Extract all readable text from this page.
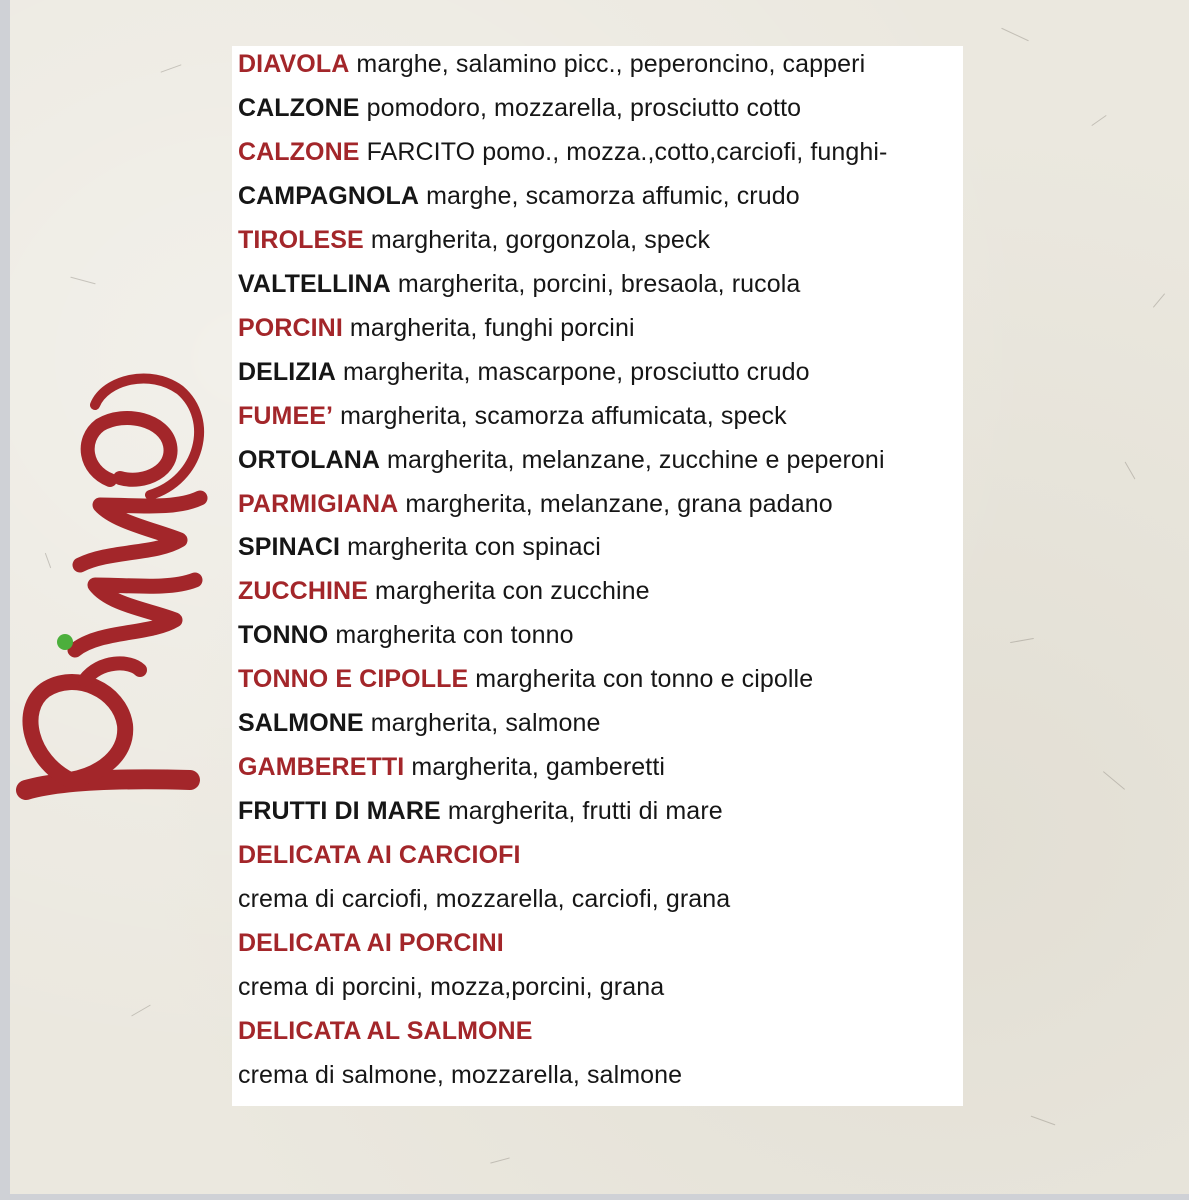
DIAVOLA marghe, salamino picc., peperoncino, capperi
CALZONE pomodoro, mozzarella, prosciutto cotto
CALZONE FARCITO pomo., mozza.,cotto,carciofi, funghi-
CAMPAGNOLA marghe, scamorza affumic, crudo
TIROLESE margherita, gorgonzola, speck
VALTELLINA margherita, porcini, bresaola, rucola
PORCINI margherita, funghi porcini
DELIZIA margherita, mascarpone, prosciutto crudo
FUMEE’ margherita, scamorza affumicata, speck
ORTOLANA margherita, melanzane, zucchine e peperoni
PARMIGIANA margherita, melanzane, grana padano
SPINACI margherita con spinaci
ZUCCHINE margherita con zucchine
TONNO margherita con tonno
TONNO E CIPOLLE margherita con tonno e cipolle
SALMONE margherita, salmone
GAMBERETTI margherita, gamberetti
FRUTTI DI MARE margherita, frutti di mare
DELICATA AI CARCIOFI
crema di carciofi, mozzarella, carciofi, grana
DELICATA AI PORCINI
crema di porcini, mozza,porcini, grana
DELICATA AL SALMONE
crema di salmone, mozzarella, salmone
